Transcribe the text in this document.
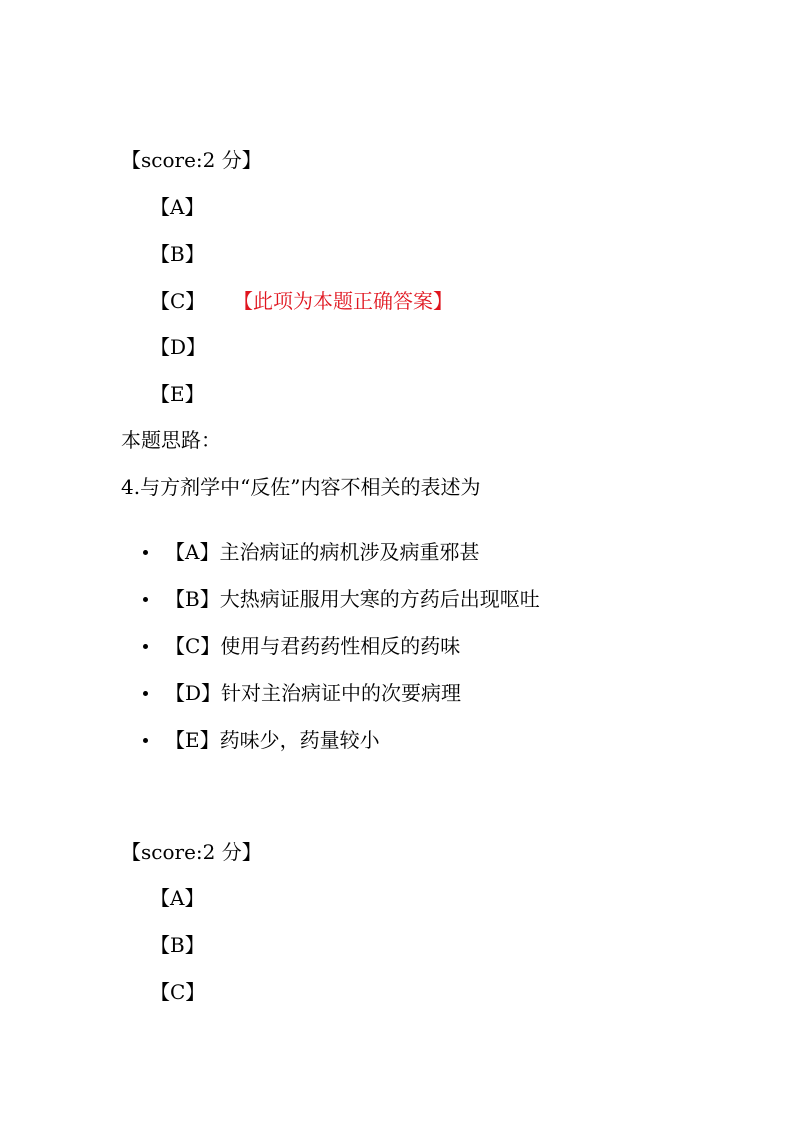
【score:2 分】
【A】
【B】
【C】 【此项为本题正确答案】
【D】
【E】
本题思路：
4.与方剂学中“反佐”内容不相关的表述为
【A】主治病证的病机涉及病重邪甚
【B】大热病证服用大寒的方药后出现呕吐
【C】使用与君药药性相反的药味
【D】针对主治病证中的次要病理
【E】药味少，药量较小
【score:2 分】
【A】
【B】
【C】
